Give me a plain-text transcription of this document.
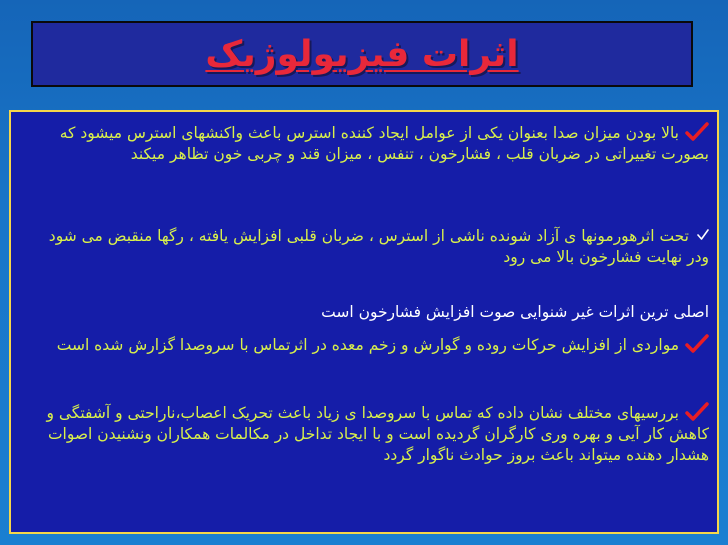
اثرات فیزیولوژیک
بالا بودن میزان صدا بعنوان یکی از عوامل ایجاد کننده استرس باعث واکنشهای استرس میشود که بصورت تغییراتی در ضربان قلب ، فشارخون ، تنفس ، میزان قند و چربی خون تظاهر میکند
تحت اثرهورمونها ی آزاد شونده ناشی از استرس ، ضربان قلبی افزایش یافته ، رگها منقبض می شود ودر نهایت فشارخون بالا می رود
اصلی ترین اثرات غیر شنوایی صوت افزایش فشارخون است
مواردی از افزایش حرکات روده و گوارش و زخم معده در اثرتماس با سروصدا گزارش شده است
بررسیهای مختلف نشان داده که تماس با سروصدا ی زیاد باعث تحریک اعصاب،ناراحتی و آشفتگی و کاهش کار آیی و بهره وری کارگران گردیده است و با ایجاد تداخل در مکالمات همکاران ونشنیدن اصوات هشدار دهنده میتواند باعث بروز حوادث ناگوار گردد
